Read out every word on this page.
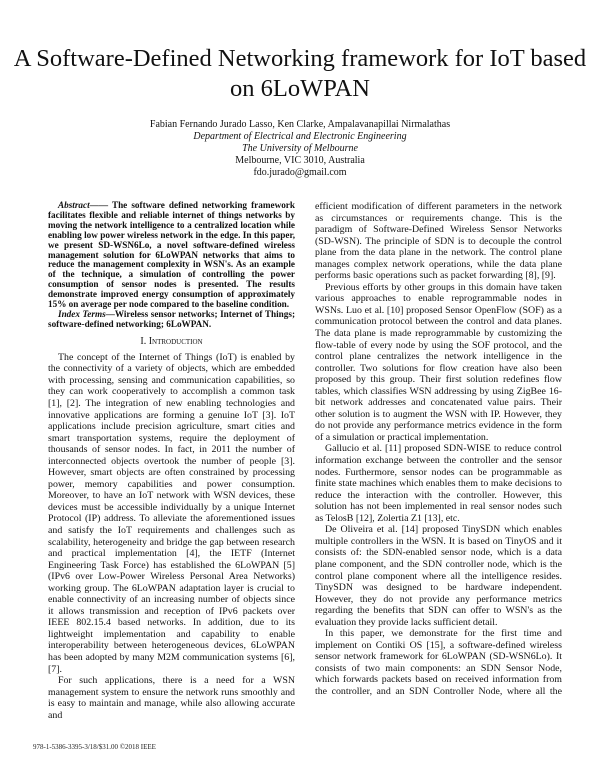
A Software-Defined Networking framework for IoT based on 6LoWPAN
Fabian Fernando Jurado Lasso, Ken Clarke, Ampalavanapillai Nirmalathas
Department of Electrical and Electronic Engineering
The University of Melbourne
Melbourne, VIC 3010, Australia
fdo.jurado@gmail.com

Abstract—— The software defined networking framework facilitates flexible and reliable internet of things networks by moving the network intelligence to a centralized location while enabling low power wireless network in the edge. In this paper, we present SD-WSN6Lo, a novel software-defined wireless management solution for 6LoWPAN networks that aims to reduce the management complexity in WSN's. As an example of the technique, a simulation of controlling the power consumption of sensor nodes is presented. The results demonstrate improved energy consumption of approximately 15% on average per node compared to the baseline condition.

Index Terms—Wireless sensor networks; Internet of Things; software-defined networking; 6LoWPAN.

I. Introduction

The concept of the Internet of Things (IoT) is enabled by the connectivity of a variety of objects, which are embedded with processing, sensing and communication capabilities, so they can work cooperatively to accomplish a common task [1], [2]. The integration of new enabling technologies and innovative applications are forming a genuine IoT [3]. IoT applications include precision agriculture, smart cities and smart transportation systems, require the deployment of thousands of sensor nodes. In fact, in 2011 the number of interconnected objects overtook the number of people [3]. However, smart objects are often constrained by processing power, memory capabilities and power consumption. Moreover, to have an IoT network with WSN devices, these devices must be accessible individually by a unique Internet Protocol (IP) address. To alleviate the aforementioned issues and satisfy the IoT requirements and challenges such as scalability, heterogeneity and bridge the gap between research and practical implementation [4], the IETF (Internet Engineering Task Force) has established the 6LoWPAN [5] (IPv6 over Low-Power Wireless Personal Area Networks) working group. The 6LoWPAN adaptation layer is crucial to enable connectivity of an increasing number of objects since it allows transmission and reception of IPv6 packets over IEEE 802.15.4 based networks. In addition, due to its lightweight implementation and capability to enable interoperability between heterogeneous devices, 6LoWPAN has been adopted by many M2M communication systems [6], [7].

For such applications, there is a need for a WSN management system to ensure the network runs smoothly and is easy to maintain and manage, while also allowing accurate and

efficient modification of different parameters in the network as circumstances or requirements change. This is the paradigm of Software-Defined Wireless Sensor Networks (SD-WSN). The principle of SDN is to decouple the control plane from the data plane in the network. The control plane manages complex network operations, while the data plane performs basic operations such as packet forwarding [8], [9].

Previous efforts by other groups in this domain have taken various approaches to enable reprogrammable nodes in WSNs. Luo et al. [10] proposed Sensor OpenFlow (SOF) as a communication protocol between the control and data planes. The data plane is made reprogrammable by customizing the flow-table of every node by using the SOF protocol, and the control plane centralizes the network intelligence in the controller. Two solutions for flow creation have also been proposed by this group. Their first solution redefines flow tables, which classifies WSN addressing by using ZigBee 16-bit network addresses and concatenated value pairs. Their other solution is to augment the WSN with IP. However, they do not provide any performance metrics evidence in the form of a simulation or practical implementation.

Gallucio et al. [11] proposed SDN-WISE to reduce control information exchange between the controller and the sensor nodes. Furthermore, sensor nodes can be programmable as finite state machines which enables them to make decisions to reduce the interaction with the controller. However, this solution has not been implemented in real sensor nodes such as TelosB [12], Zolertia Z1 [13], etc.

De Oliveira et al. [14] proposed TinySDN which enables multiple controllers in the WSN. It is based on TinyOS and it consists of: the SDN-enabled sensor node, which is a data plane component, and the SDN controller node, which is the control plane component where all the intelligence resides. TinySDN was designed to be hardware independent. However, they do not provide any performance metrics regarding the benefits that SDN can offer to WSN's as the evaluation they provide lacks sufficient detail.

In this paper, we demonstrate for the first time and implement on Contiki OS [15], a software-defined wireless sensor network framework for 6LoWPAN (SD-WSN6Lo). It consists of two main components: an SDN Sensor Node, which forwards packets based on received information from the controller, and an SDN Controller Node, where all the

978-1-5386-3395-3/18/$31.00 ©2018 IEEE
